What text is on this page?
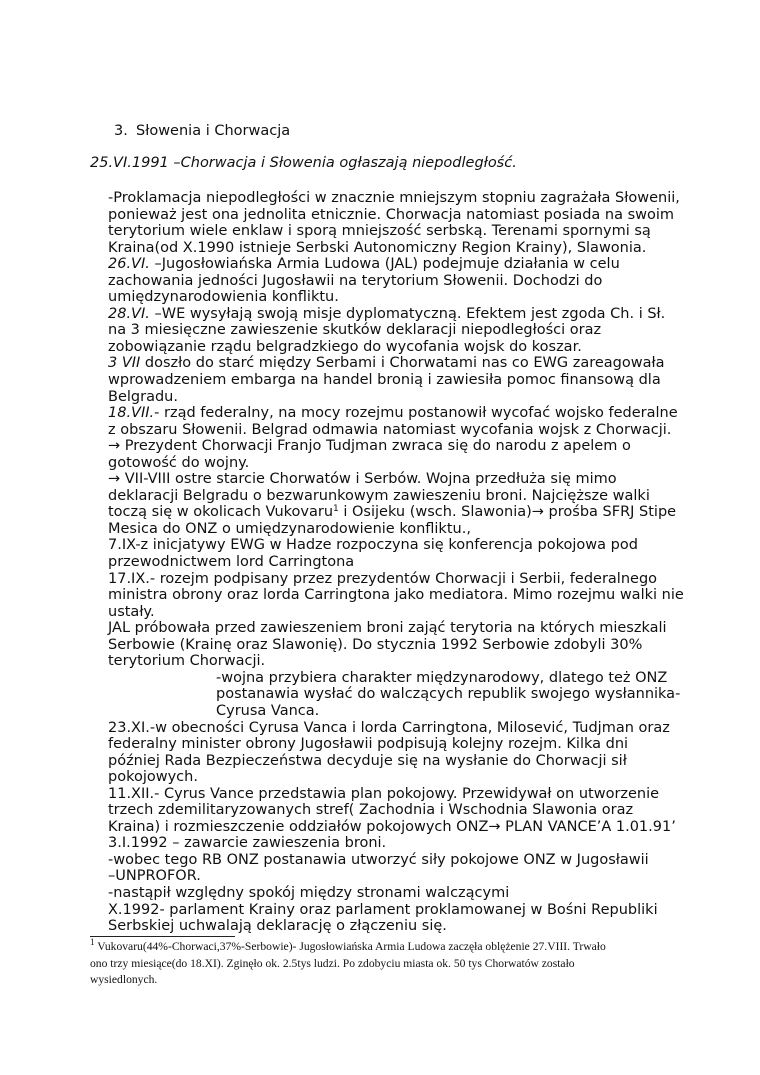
3. Słowenia i Chorwacja
25.VI.1991 –Chorwacja i Słowenia ogłaszają niepodległość.
-Proklamacja niepodległości w znacznie mniejszym stopniu zagrażała Słowenii,
ponieważ jest ona jednolita etnicznie. Chorwacja natomiast posiada na swoim
terytorium wiele enklaw i sporą mniejszość serbską. Terenami spornymi są
Kraina(od X.1990 istnieje Serbski Autonomiczny Region Krainy), Slawonia.
26.VI. –Jugosłowiańska Armia Ludowa (JAL) podejmuje działania w celu
zachowania jedności Jugosławii na terytorium Słowenii. Dochodzi do
umiędzynarodowienia konfliktu.
28.VI. –WE wysyłają swoją misje dyplomatyczną. Efektem jest zgoda Ch. i Sł.
na 3 miesięczne zawieszenie skutków deklaracji niepodległości oraz
zobowiązanie rządu belgradzkiego do wycofania wojsk do koszar.
3 VII doszło do starć między Serbami i Chorwatami nas co EWG zareagowała
wprowadzeniem embarga na handel bronią i zawiesiła pomoc finansową dla
Belgradu.
18.VII.- rząd federalny, na mocy rozejmu postanowił wycofać wojsko federalne
z obszaru Słowenii. Belgrad odmawia natomiast wycofania wojsk z Chorwacji.
→ Prezydent Chorwacji Franjo Tudjman zwraca się do narodu z apelem o
gotowość do wojny.
→ VII-VIII ostre starcie Chorwatów i Serbów. Wojna przedłuża się mimo
deklaracji Belgradu o bezwarunkowym zawieszeniu broni. Najcięższe walki
toczą się w okolicach Vukovaru$^1$ i Osijeku (wsch. Slawonia)→ prośba SFRJ Stipe
Mesica do ONZ o umiędzynarodowienie konfliktu.,
7.IX-z inicjatywy EWG w Hadze rozpoczyna się konferencja pokojowa pod
przewodnictwem lord Carringtona
17.IX.- rozejm podpisany przez prezydentów Chorwacji i Serbii, federalnego
ministra obrony oraz lorda Carringtona jako mediatora. Mimo rozejmu walki nie
ustały.
JAL próbowała przed zawieszeniem broni zająć terytoria na których mieszkali
Serbowie (Krainę oraz Slawonię). Do stycznia 1992 Serbowie zdobyli 30%
terytorium Chorwacji.
-wojna przybiera charakter międzynarodowy, dlatego też ONZ
postanawia wysłać do walczących republik swojego wysłannika-
Cyrusa Vanca.
23.XI.-w obecności Cyrusa Vanca i lorda Carringtona, Milosević, Tudjman oraz
federalny minister obrony Jugosławii podpisują kolejny rozejm. Kilka dni
później Rada Bezpieczeństwa decyduje się na wysłanie do Chorwacji sił
pokojowych.
11.XII.- Cyrus Vance przedstawia plan pokojowy. Przewidywał on utworzenie
trzech zdemilitaryzowanych stref( Zachodnia i Wschodnia Slawonia oraz
Kraina) i rozmieszczenie oddziałów pokojowych ONZ→ PLAN VANCE’A 1.01.91’
3.I.1992 – zawarcie zawieszenia broni.
-wobec tego RB ONZ postanawia utworzyć siły pokojowe ONZ w Jugosławii
–UNPROFOR.
-nastąpił względny spokój między stronami walczącymi
X.1992- parlament Krainy oraz parlament proklamowanej w Bośni Republiki
Serbskiej uchwalają deklarację o złączeniu się.
$^1$ Vukovaru(44%-Chorwaci,37%-Serbowie)- Jugosłowiańska Armia Ludowa zaczęła oblężenie 27.VIII. Trwało
ono trzy miesiące(do 18.XI). Zginęło ok. 2.5tys ludzi. Po zdobyciu miasta ok. 50 tys Chorwatów zostało
wysiedlonych.
